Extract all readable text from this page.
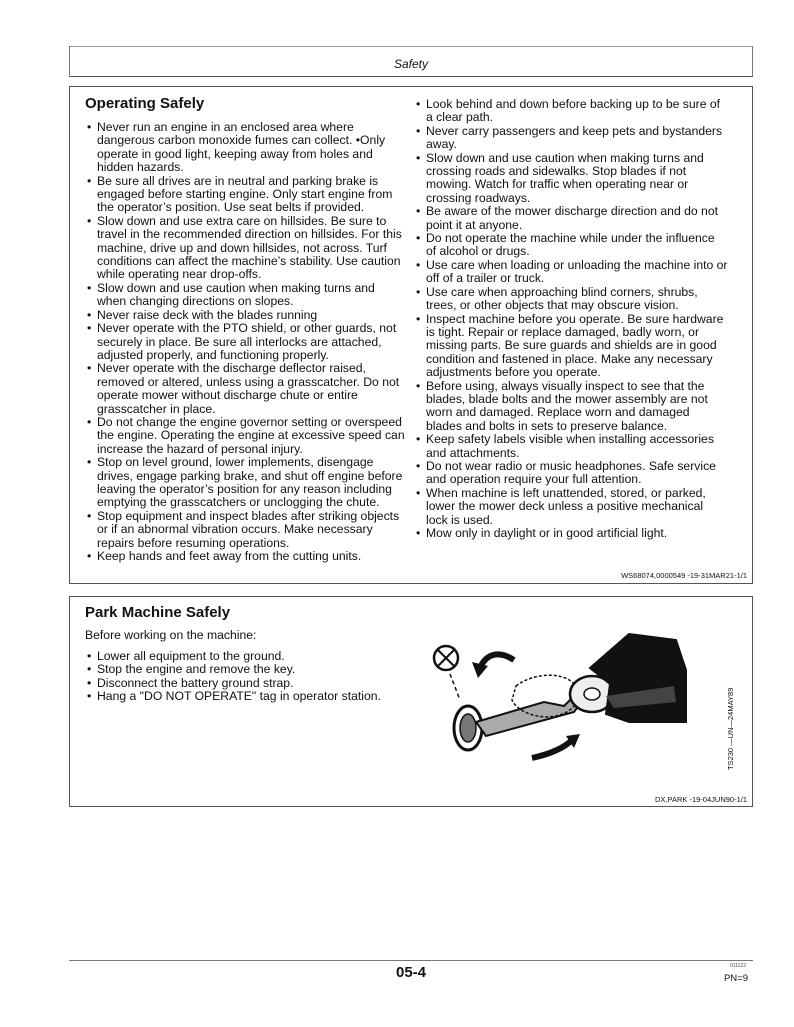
Safety
Operating Safely
• Never run an engine in an enclosed area where dangerous carbon monoxide fumes can collect. •Only operate in good light, keeping away from holes and hidden hazards.
• Be sure all drives are in neutral and parking brake is engaged before starting engine. Only start engine from the operator’s position. Use seat belts if provided.
• Slow down and use extra care on hillsides. Be sure to travel in the recommended direction on hillsides. For this machine, drive up and down hillsides, not across. Turf conditions can affect the machine’s stability. Use caution while operating near drop-offs.
• Slow down and use caution when making turns and when changing directions on slopes.
• Never raise deck with the blades running
• Never operate with the PTO shield, or other guards, not securely in place. Be sure all interlocks are attached, adjusted properly, and functioning properly.
• Never operate with the discharge deflector raised, removed or altered, unless using a grasscatcher. Do not operate mower without discharge chute or entire grasscatcher in place.
• Do not change the engine governor setting or overspeed the engine. Operating the engine at excessive speed can increase the hazard of personal injury.
• Stop on level ground, lower implements, disengage drives, engage parking brake, and shut off engine before leaving the operator’s position for any reason including emptying the grasscatchers or unclogging the chute.
• Stop equipment and inspect blades after striking objects or if an abnormal vibration occurs. Make necessary repairs before resuming operations.
• Keep hands and feet away from the cutting units.
• Look behind and down before backing up to be sure of a clear path.
• Never carry passengers and keep pets and bystanders away.
• Slow down and use caution when making turns and crossing roads and sidewalks. Stop blades if not mowing. Watch for traffic when operating near or crossing roadways.
• Be aware of the mower discharge direction and do not point it at anyone.
• Do not operate the machine while under the influence of alcohol or drugs.
• Use care when loading or unloading the machine into or off of a trailer or truck.
• Use care when approaching blind corners, shrubs, trees, or other objects that may obscure vision.
• Inspect machine before you operate. Be sure hardware is tight. Repair or replace damaged, badly worn, or missing parts. Be sure guards and shields are in good condition and fastened in place. Make any necessary adjustments before you operate.
• Before using, always visually inspect to see that the blades, blade bolts and the mower assembly are not worn and damaged. Replace worn and damaged blades and bolts in sets to preserve balance.
• Keep safety labels visible when installing accessories and attachments.
• Do not wear radio or music headphones. Safe service and operation require your full attention.
• When machine is left unattended, stored, or parked, lower the mower deck unless a positive mechanical lock is used.
• Mow only in daylight or in good artificial light.
WS68074,0000549 -19-31MAR21-1/1
Park Machine Safely
Before working on the machine:
• Lower all equipment to the ground.
• Stop the engine and remove the key.
• Disconnect the battery ground strap.
• Hang a "DO NOT OPERATE" tag in operator station.	TS230 —UN—24MAY89
DX,PARK -19-04JUN90-1/1
05-4	011122
PN=9
